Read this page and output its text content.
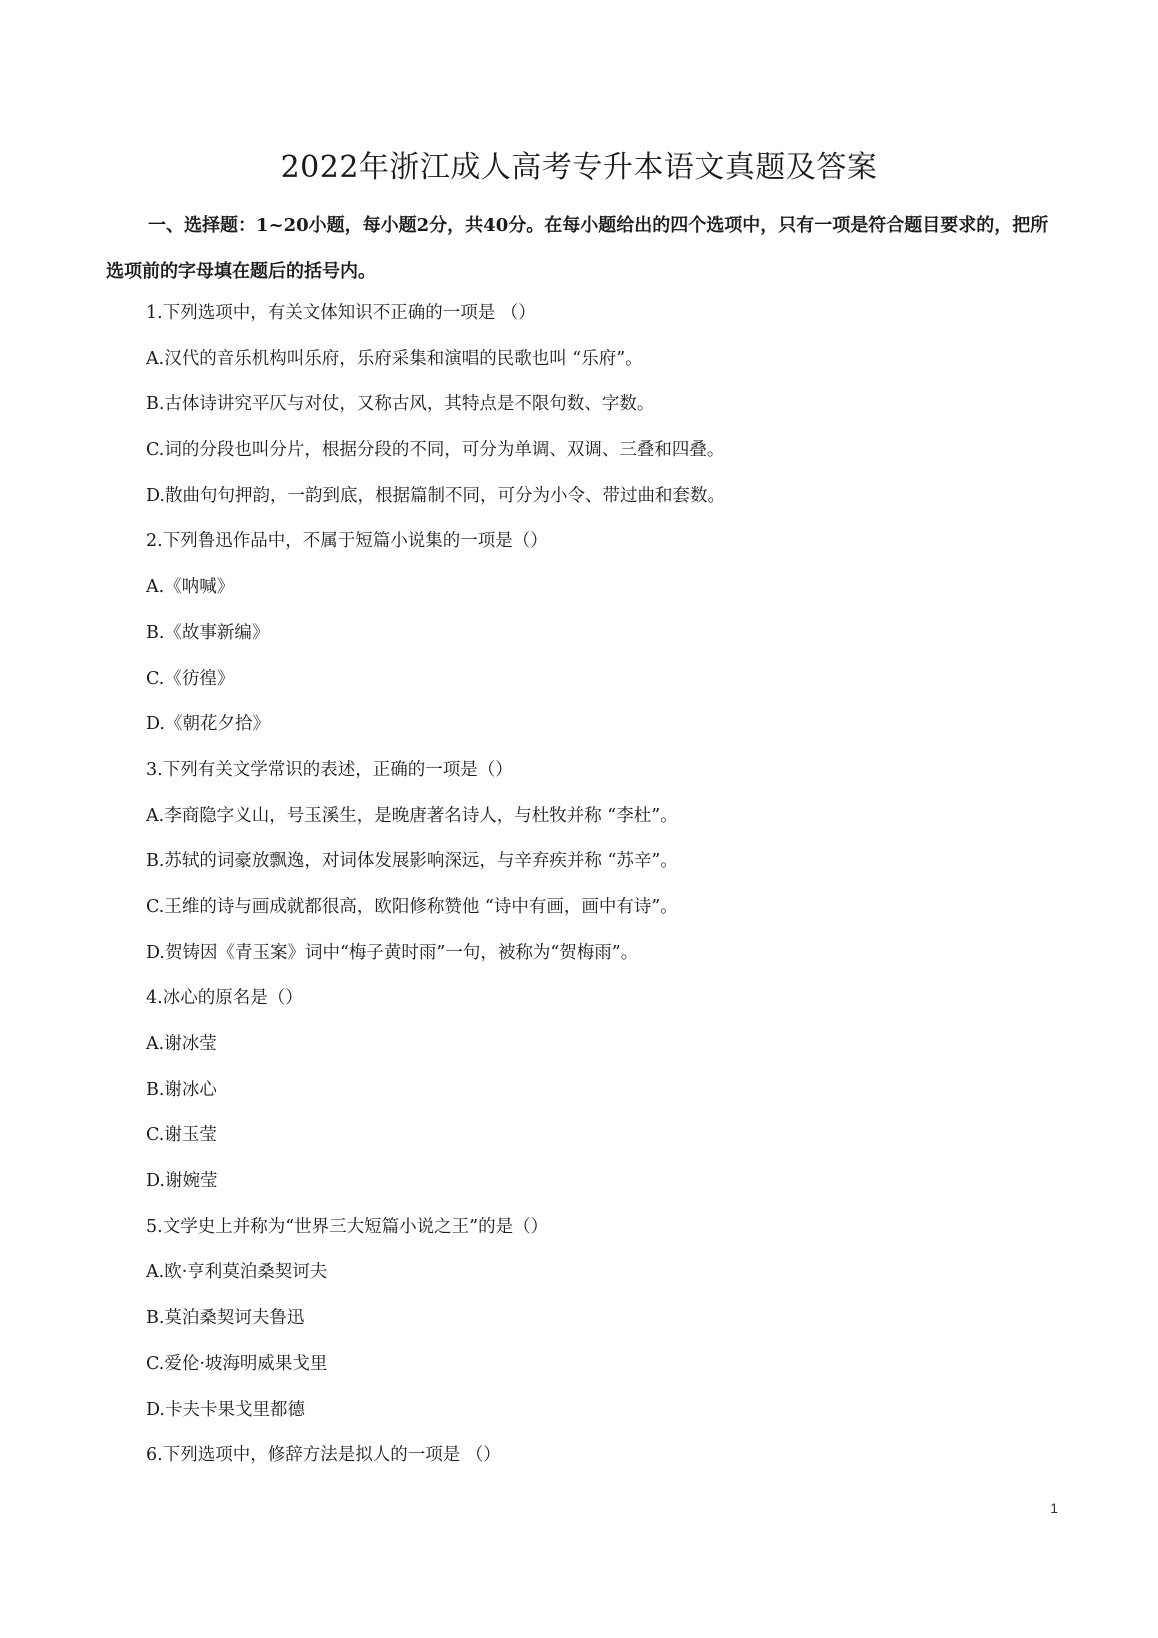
2022年浙江成人高考专升本语文真题及答案

一、选择题：1~20小题，每小题2分，共40分。在每小题给出的四个选项中，只有一项是符合题目要求的，把所选项前的字母填在题后的括号内。

1.下列选项中，有关文体知识不正确的一项是 （）
A.汉代的音乐机构叫乐府，乐府采集和演唱的民歌也叫 “乐府”。
B.古体诗讲究平仄与对仗，又称古风，其特点是不限句数、字数。
C.词的分段也叫分片，根据分段的不同，可分为单调、双调、三叠和四叠。
D.散曲句句押韵，一韵到底，根据篇制不同，可分为小令、带过曲和套数。
2.下列鲁迅作品中，不属于短篇小说集的一项是（）
A.《呐喊》
B.《故事新编》
C.《彷徨》
D.《朝花夕拾》
3.下列有关文学常识的表述，正确的一项是（）
A.李商隐字义山，号玉溪生，是晚唐著名诗人，与杜牧并称 “李杜”。
B.苏轼的词豪放飘逸，对词体发展影响深远，与辛弃疾并称 “苏辛”。
C.王维的诗与画成就都很高，欧阳修称赞他 “诗中有画，画中有诗”。
D.贺铸因《青玉案》词中“梅子黄时雨”一句，被称为“贺梅雨”。
4.冰心的原名是（）
A.谢冰莹
B.谢冰心
C.谢玉莹
D.谢婉莹
5.文学史上并称为“世界三大短篇小说之王”的是（）
A.欧·亨利莫泊桑契诃夫
B.莫泊桑契诃夫鲁迅
C.爱伦·坡海明威果戈里
D.卡夫卡果戈里都德
6.下列选项中，修辞方法是拟人的一项是 （）
1
